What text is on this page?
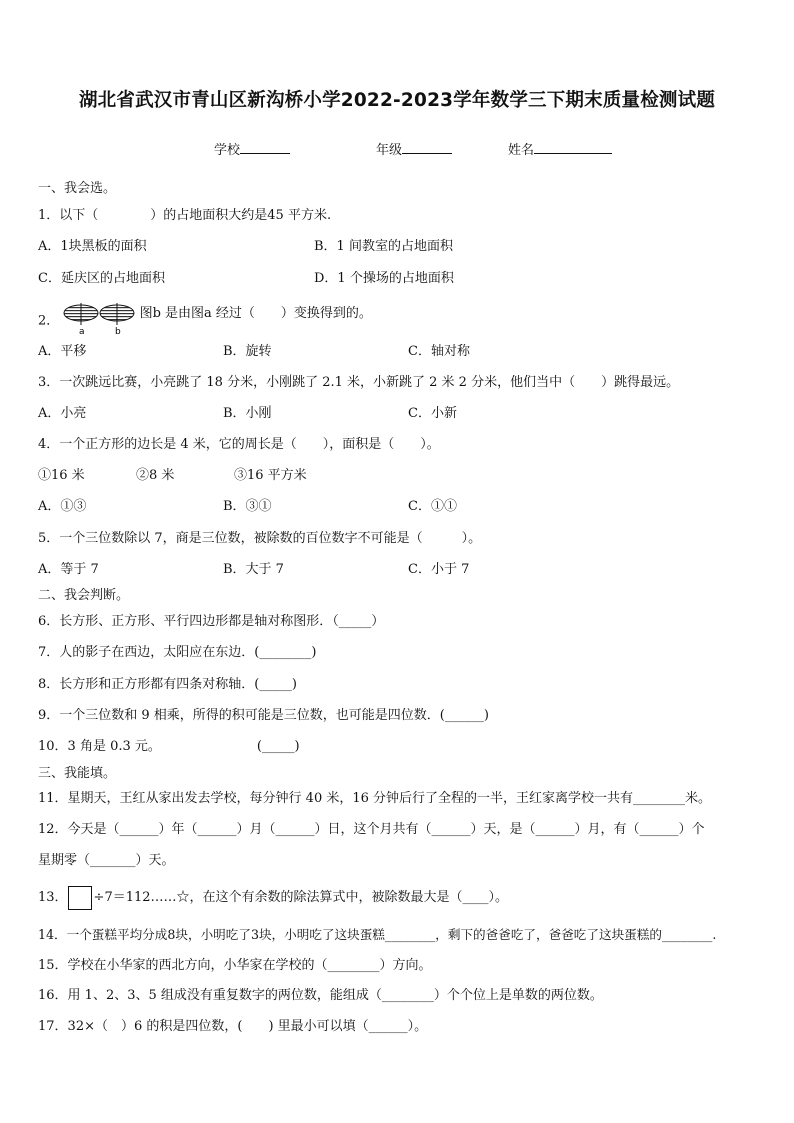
湖北省武汉市青山区新沟桥小学2022-2023学年数学三下期末质量检测试题
学校	年级	姓名
一、我会选。
1．以下（　　　　）的占地面积大约是45 平方米.
A．1块黑板的面积	B．1 间教室的占地面积
C．延庆区的占地面积	D．1 个操场的占地面积
2．
a	b
图b 是由图a 经过（　　）变换得到的。
A．平移	B．旋转	C．轴对称
3．一次跳远比赛，小亮跳了 18 分米，小刚跳了 2.1 米，小新跳了 2 米 2 分米，他们当中（　　）跳得最远。
A．小亮	B．小刚	C．小新
4．一个正方形的边长是 4 米，它的周长是（　　），面积是（　　）。
①16 米	②8 米	③16 平方米
A．①③	B．③①	C．①①
5．一个三位数除以 7，商是三位数，被除数的百位数字不可能是（　　　）。
A．等于 7	B．大于 7	C．小于 7
二、我会判断。
6．长方形、正方形、平行四边形都是轴对称图形．（_____）
7．人的影子在西边，太阳应在东边．(________)
8．长方形和正方形都有四条对称轴．(_____)
9．一个三位数和 9 相乘，所得的积可能是三位数，也可能是四位数．(______)
10．3 角是 0.3 元。	(_____)
三、我能填。
11．星期天，王红从家出发去学校，每分钟行 40 米，16 分钟后行了全程的一半，王红家离学校一共有________米。
12．今天是（______）年（______）月（______）日，这个月共有（______）天，是（______）月，有（______）个
星期零（_______）天。
13． ÷7＝112……☆，在这个有余数的除法算式中，被除数最大是（____）。
14．一个蛋糕平均分成8块，小明吃了3块，小明吃了这块蛋糕________，剩下的爸爸吃了，爸爸吃了这块蛋糕的________.
15．学校在小华家的西北方向，小华家在学校的（________）方向。
16．用 1、2、3、5 组成没有重复数字的两位数，能组成（________）个个位上是单数的两位数。
17．32×（　）6 的积是四位数，(　　) 里最小可以填（______）。
